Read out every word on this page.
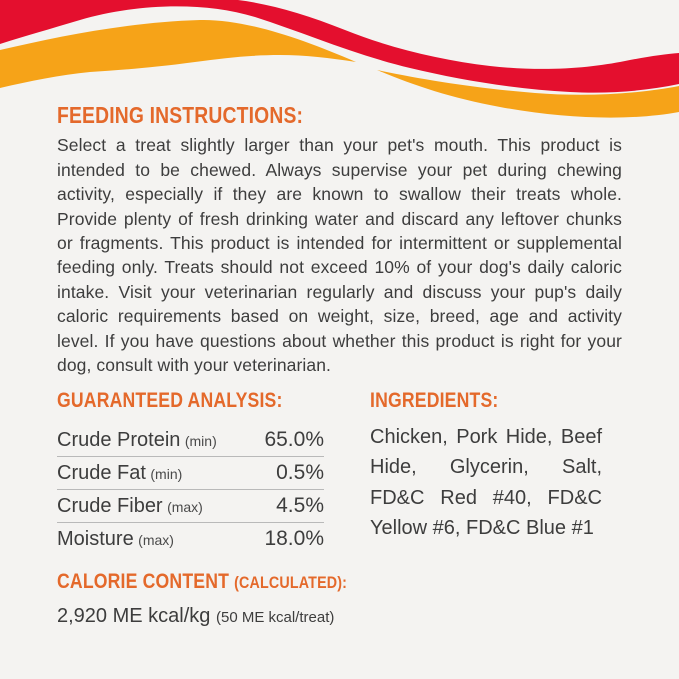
FEEDING INSTRUCTIONS:

Select a treat slightly larger than your pet's mouth. This product is intended to be chewed. Always supervise your pet during chewing activity, especially if they are known to swallow their treats whole. Provide plenty of fresh drinking water and discard any leftover chunks or fragments. This product is intended for intermittent or supplemental feeding only. Treats should not exceed 10% of your dog's daily caloric intake. Visit your veterinarian regularly and discuss your pup's daily caloric requirements based on weight, size, breed, age and activity level. If you have questions about whether this product is right for your dog, consult with your veterinarian.

GUARANTEED ANALYSIS:
Crude Protein (min) 65.0%
Crude Fat (min)	0.5%
Crude Fiber (max)	4.5%
Moisture (max)	18.0%
CALORIE CONTENT (CALCULATED):
2,920 ME kcal/kg (50 ME kcal/treat)
INGREDIENTS:

Chicken, Pork Hide, Beef Hide, Glycerin, Salt, FD&C Red #40, FD&C Yellow #6, FD&C Blue #1
